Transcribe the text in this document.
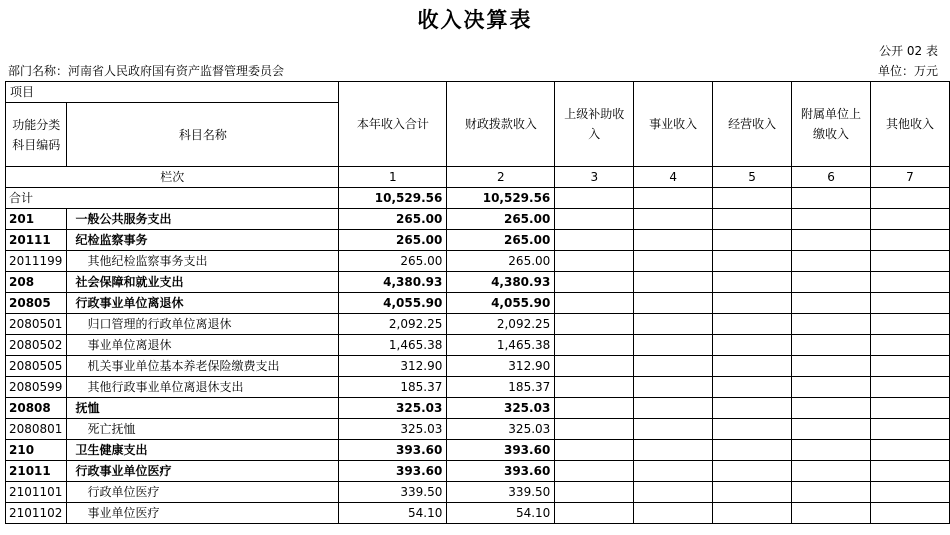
收入决算表
公开 02 表
部门名称：河南省人民政府国有资产监督管理委员会	单位：万元
项目		本年收入合计	财政拨款收入	上级补助收入	事业收入	经营收入	附属单位上缴收入	其他收入
功能分类科目编码	科目名称							
栏次		1	2	3	4	5	6	7
合计		10,529.56	10,529.56					
201	一般公共服务支出	265.00	265.00					
20111	纪检监察事务	265.00	265.00					
2011199	其他纪检监察事务支出	265.00	265.00					
208	社会保障和就业支出	4,380.93	4,380.93					
20805	行政事业单位离退休	4,055.90	4,055.90					
2080501	归口管理的行政单位离退休	2,092.25	2,092.25					
2080502	事业单位离退休	1,465.38	1,465.38					
2080505	机关事业单位基本养老保险缴费支出	312.90	312.90					
2080599	其他行政事业单位离退休支出	185.37	185.37					
20808	抚恤	325.03	325.03					
2080801	死亡抚恤	325.03	325.03					
210	卫生健康支出	393.60	393.60					
21011	行政事业单位医疗	393.60	393.60					
2101101	行政单位医疗	339.50	339.50					
2101102	事业单位医疗	54.10	54.10					
